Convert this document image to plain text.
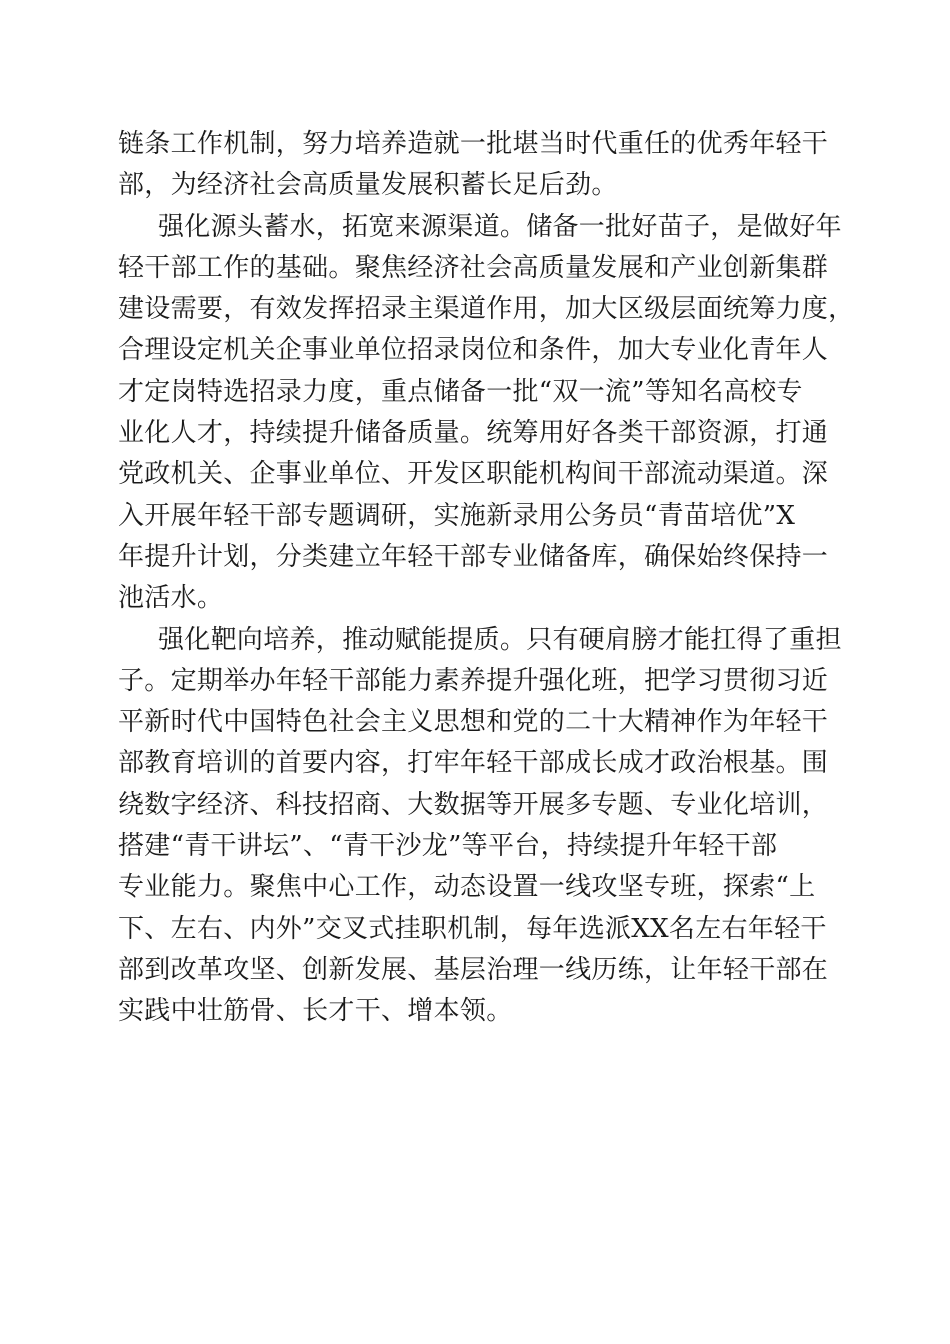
链条工作机制，努力培养造就一批堪当时代重任的优秀年轻干
部，为经济社会高质量发展积蓄长足后劲。
强化源头蓄水，拓宽来源渠道。储备一批好苗子，是做好年
轻干部工作的基础。聚焦经济社会高质量发展和产业创新集群
建设需要，有效发挥招录主渠道作用，加大区级层面统筹力度，
合理设定机关企事业单位招录岗位和条件，加大专业化青年人
才定岗特选招录力度，重点储备一批“双一流”等知名高校专
业化人才，持续提升储备质量。统筹用好各类干部资源，打通
党政机关、企事业单位、开发区职能机构间干部流动渠道。深
入开展年轻干部专题调研，实施新录用公务员“青苗培优”X
年提升计划，分类建立年轻干部专业储备库，确保始终保持一
池活水。
强化靶向培养，推动赋能提质。只有硬肩膀才能扛得了重担
子。定期举办年轻干部能力素养提升强化班，把学习贯彻习近
平新时代中国特色社会主义思想和党的二十大精神作为年轻干
部教育培训的首要内容，打牢年轻干部成长成才政治根基。围
绕数字经济、科技招商、大数据等开展多专题、专业化培训，
搭建“青干讲坛”、“青干沙龙”等平台，持续提升年轻干部
专业能力。聚焦中心工作，动态设置一线攻坚专班，探索“上
下、左右、内外”交叉式挂职机制，每年选派XX名左右年轻干
部到改革攻坚、创新发展、基层治理一线历练，让年轻干部在
实践中壮筋骨、长才干、增本领。
